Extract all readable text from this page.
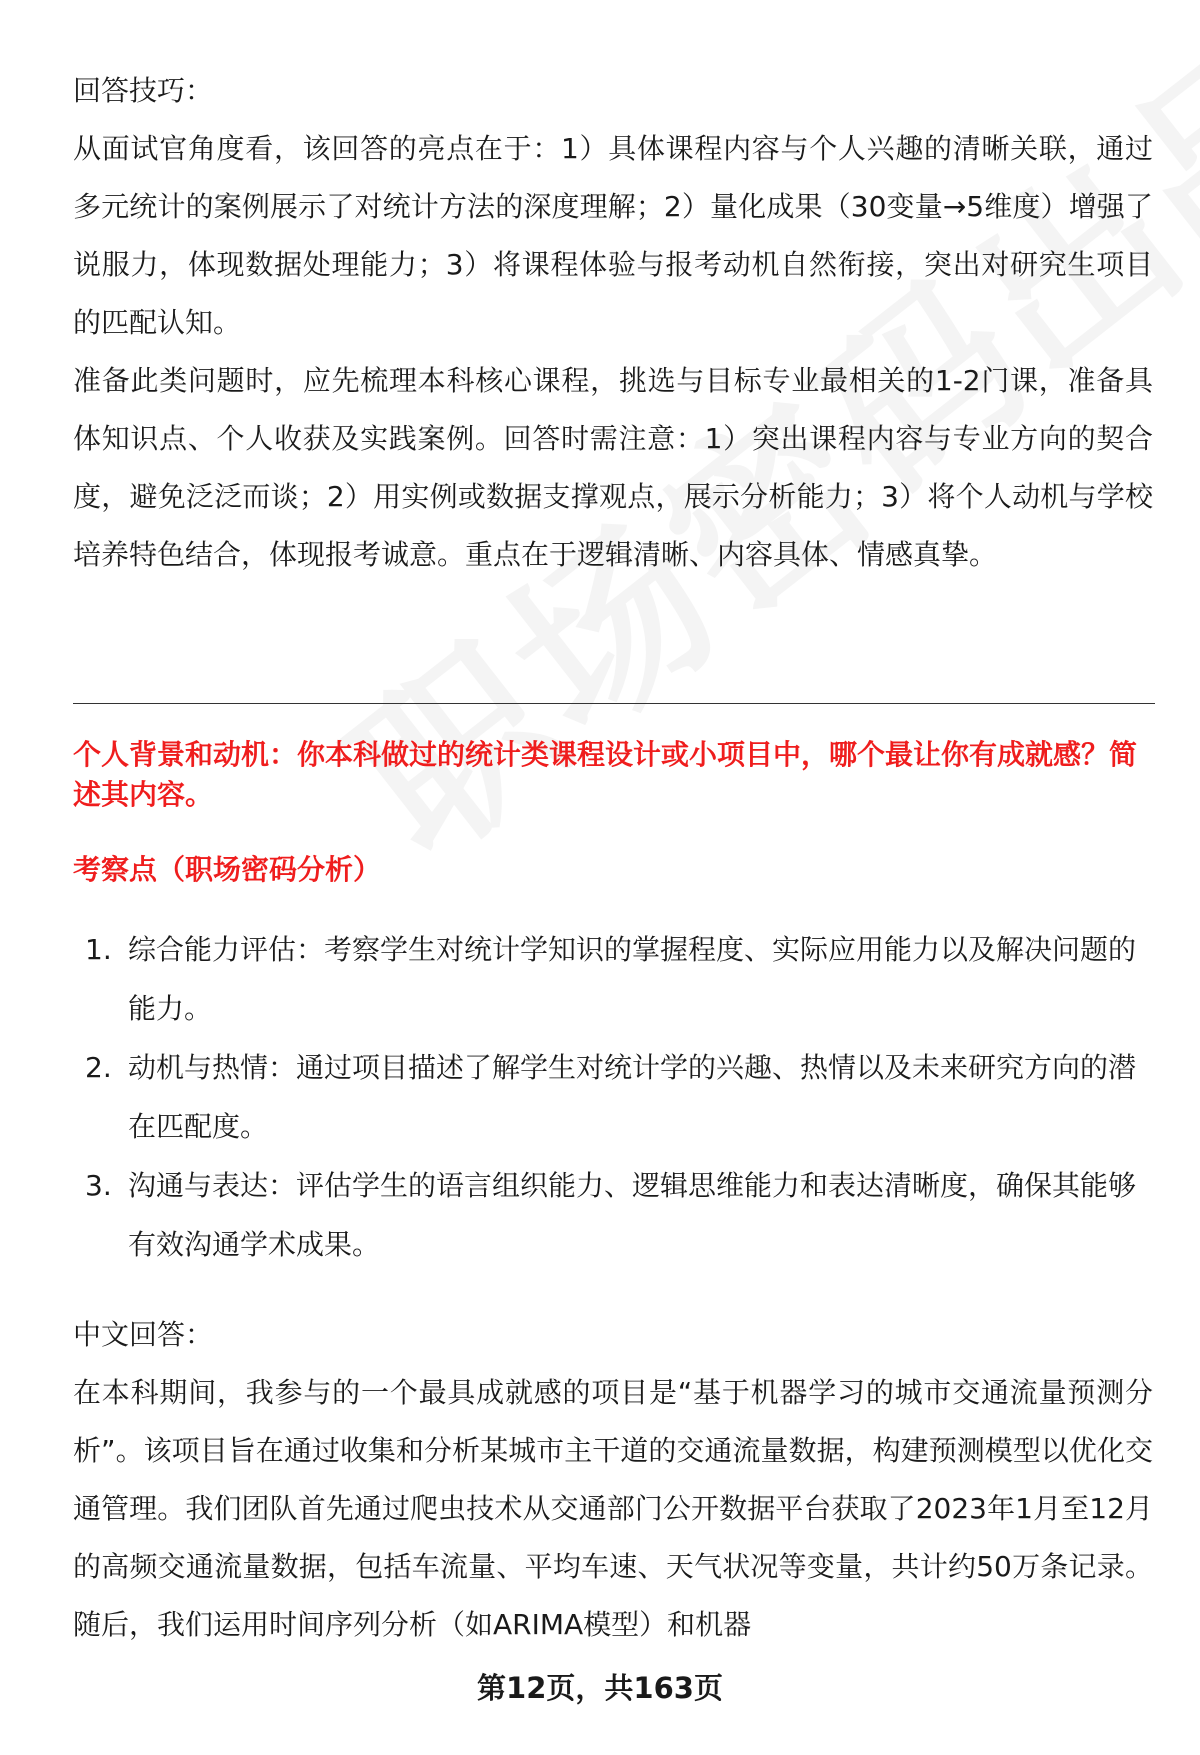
回答技巧：

从面试官角度看，该回答的亮点在于：1）具体课程内容与个人兴趣的清晰关联，通过多元统计的案例展示了对统计方法的深度理解；2）量化成果（30变量→5维度）增强了说服力，体现数据处理能力；3）将课程体验与报考动机自然衔接，突出对研究生项目的匹配认知。

准备此类问题时，应先梳理本科核心课程，挑选与目标专业最相关的1-2门课，准备具体知识点、个人收获及实践案例。回答时需注意：1）突出课程内容与专业方向的契合度，避免泛泛而谈；2）用实例或数据支撑观点，展示分析能力；3）将个人动机与学校培养特色结合，体现报考诚意。重点在于逻辑清晰、内容具体、情感真挚。

个人背景和动机：你本科做过的统计类课程设计或小项目中，哪个最让你有成就感？简述其内容。

考察点（职场密码分析）

1. 综合能力评估：考察学生对统计学知识的掌握程度、实际应用能力以及解决问题的能力。
2. 动机与热情：通过项目描述了解学生对统计学的兴趣、热情以及未来研究方向的潜在匹配度。
3. 沟通与表达：评估学生的语言组织能力、逻辑思维能力和表达清晰度，确保其能够有效沟通学术成果。

中文回答：

在本科期间，我参与的一个最具成就感的项目是“基于机器学习的城市交通流量预测分析”。该项目旨在通过收集和分析某城市主干道的交通流量数据，构建预测模型以优化交通管理。我们团队首先通过爬虫技术从交通部门公开数据平台获取了2023年1月至12月的高频交通流量数据，包括车流量、平均车速、天气状况等变量，共计约50万条记录。随后，我们运用时间序列分析（如ARIMA模型）和机器

第12页，共163页
